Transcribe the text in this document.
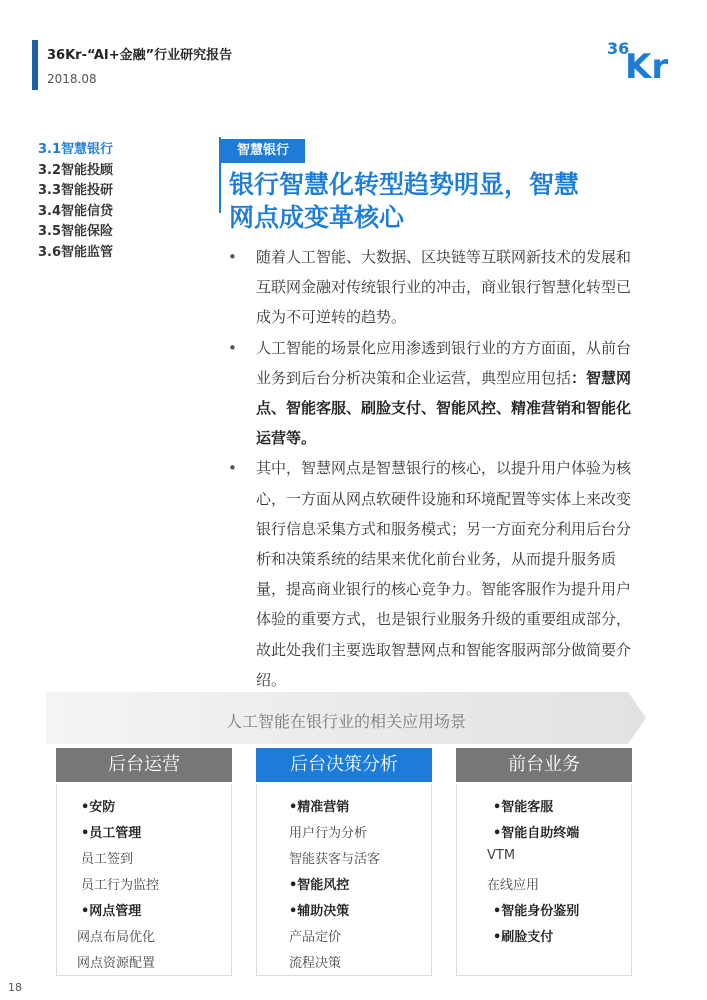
36Kr-“AI+金融”行业研究报告
2018.08
36
Kr
3.1智慧银行
3.2智能投顾
3.3智能投研
3.4智能信贷
3.5智能保险
3.6智能监管
智慧银行
银行智慧化转型趋势明显，智慧
网点成变革核心
• 随着人工智能、大数据、区块链等互联网新技术的发展和互联网金融对传统银行业的冲击，商业银行智慧化转型已成为不可逆转的趋势。
• 人工智能的场景化应用渗透到银行业的方方面面，从前台业务到后台分析决策和企业运营，典型应用包括：智慧网点、智能客服、刷脸支付、智能风控、精准营销和智能化运营等。
• 其中，智慧网点是智慧银行的核心，以提升用户体验为核心，一方面从网点软硬件设施和环境配置等实体上来改变银行信息采集方式和服务模式；另一方面充分利用后台分析和决策系统的结果来优化前台业务，从而提升服务质量，提高商业银行的核心竞争力。智能客服作为提升用户体验的重要方式，也是银行业服务升级的重要组成部分，故此处我们主要选取智慧网点和智能客服两部分做简要介绍。
人工智能在银行业的相关应用场景
后台运营
•安防
•员工管理
员工签到
员工行为监控
•网点管理
网点布局优化
网点资源配置
后台决策分析
•精准营销
用户行为分析
智能获客与活客
•智能风控
•辅助决策
产品定价
流程决策
前台业务
•智能客服
•智能自助终端
VTM
在线应用
•智能身份鉴别
•刷脸支付
18
